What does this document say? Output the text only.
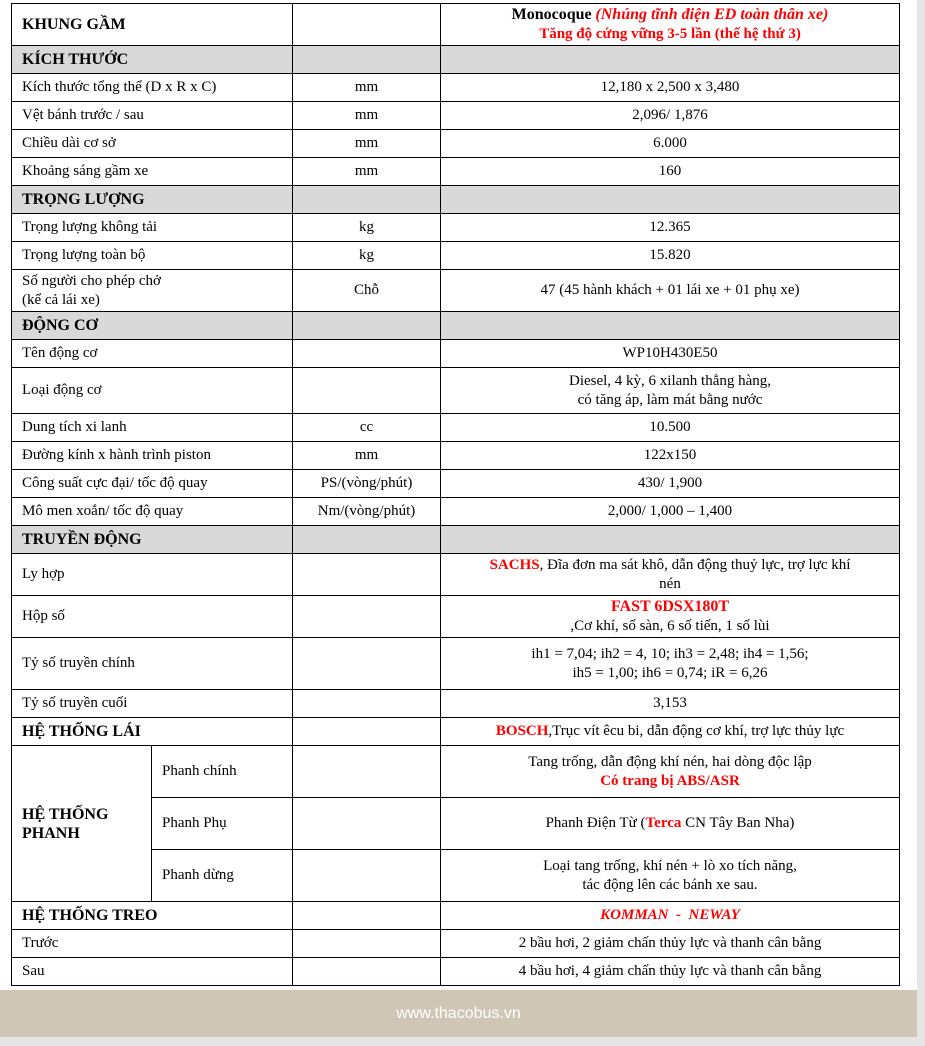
KHUNG GẦM			Monocoque (Nhúng tĩnh điện ED toàn thân xe)
Tăng độ cứng vững 3-5 lần (thế hệ thứ 3)
KÍCH THƯỚC			
Kích thước tổng thể (D x R x C)		mm	12,180 x 2,500 x 3,480
Vệt bánh trước / sau		mm	2,096/ 1,876
Chiều dài cơ sở		mm	6.000
Khoảng sáng gầm xe		mm	160
TRỌNG LƯỢNG			
Trọng lượng không tải		kg	12.365
Trọng lượng toàn bộ		kg	15.820
Số người cho phép chở
(kể cả lái xe)		Chỗ	47 (45 hành khách + 01 lái xe + 01 phụ xe)
ĐỘNG CƠ			
Tên động cơ			WP10H430E50
Loại động cơ			Diesel, 4 kỳ, 6 xilanh thẳng hàng,
có tăng áp, làm mát bằng nước
Dung tích xi lanh		cc	10.500
Đường kính x hành trình piston		mm	122x150
Công suất cực đại/ tốc độ quay		PS/(vòng/phút)	430/ 1,900
Mô men xoắn/ tốc độ quay		Nm/(vòng/phút)	2,000/ 1,000 – 1,400
TRUYỀN ĐỘNG			
Ly hợp			SACHS, Đĩa đơn ma sát khô, dẫn động thuỷ lực, trợ lực khí
nén
Hộp số			FAST 6DSX180T
,Cơ khí, số sàn, 6 số tiến, 1 số lùi
Tỷ số truyền chính			ih1 = 7,04; ih2 = 4, 10; ih3 = 2,48; ih4 = 1,56;
ih5 = 1,00; ih6 = 0,74; iR = 6,26
Tỷ số truyền cuối			3,153
HỆ THỐNG LÁI			BOSCH,Trục vít êcu bi, dẫn động cơ khí, trợ lực thủy lực
HỆ THỐNG
PHANH	Phanh chính		Tang trống, dẫn động khí nén, hai dòng độc lập
Có trang bị ABS/ASR
	Phanh Phụ		Phanh Điện Từ (Terca CN Tây Ban Nha)
	Phanh dừng		Loại tang trống, khí nén + lò xo tích năng,
tác động lên các bánh xe sau.
HỆ THỐNG TREO			KOMMAN  -  NEWAY
Trước			2 bầu hơi, 2 giảm chấn thủy lực và thanh cân bằng
Sau			4 bầu hơi, 4 giảm chấn thủy lực và thanh cân bằng
www.thacobus.vn
